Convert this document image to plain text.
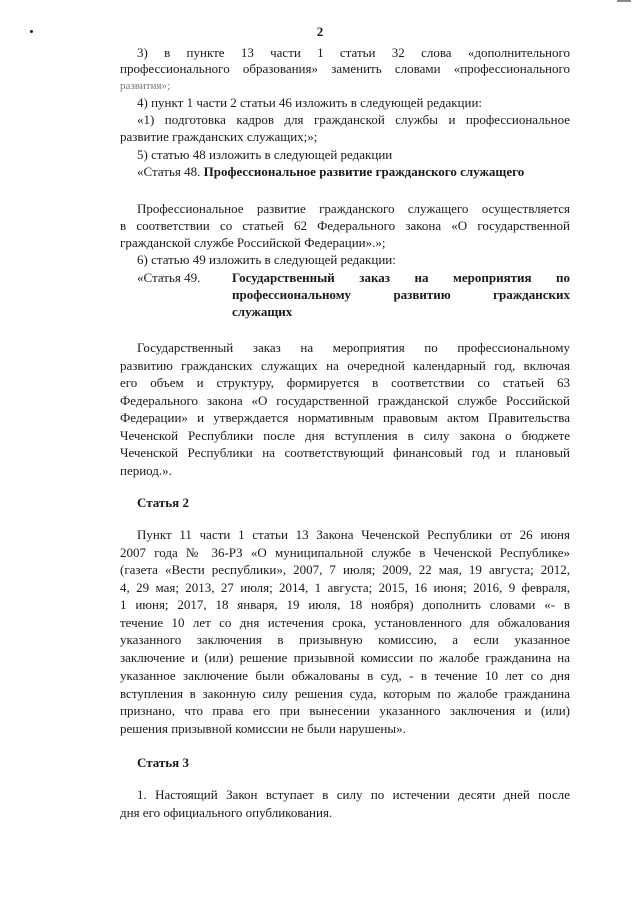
2
3) в пункте 13 части 1 статьи 32 слова «дополнительного
профессионального образования» заменить словами «профессионального
развития»;
4) пункт 1 части 2 статьи 46 изложить в следующей редакции:
«1) подготовка кадров для гражданской службы и профессиональное
развитие гражданских служащих;»;
5) статью 48 изложить в следующей редакции
«Статья 48. Профессиональное развитие гражданского служащего
Профессиональное развитие гражданского служащего осуществляется
в соответствии со статьей 62 Федерального закона «О государственной
гражданской службе Российской Федерации».»;
6) статью 49 изложить в следующей редакции:
«Статья 49.	Государственный заказ на мероприятия по
профессиональному развитию гражданских
служащих
Государственный заказ на мероприятия по профессиональному
развитию гражданских служащих на очередной календарный год, включая
его объем и структуру, формируется в соответствии со статьей 63
Федерального закона «О государственной гражданской службе Российской
Федерации» и утверждается нормативным правовым актом Правительства
Чеченской Республики после дня вступления в силу закона о бюджете
Чеченской Республики на соответствующий финансовый год и плановый
период.».
Статья 2
Пункт 11 части 1 статьи 13 Закона Чеченской Республики от 26 июня
2007 года № 36-РЗ «О муниципальной службе в Чеченской Республике»
(газета «Вести республики», 2007, 7 июля; 2009, 22 мая, 19 августа; 2012,
4, 29 мая; 2013, 27 июля; 2014, 1 августа; 2015, 16 июня; 2016, 9 февраля,
1 июня; 2017, 18 января, 19 июля, 18 ноября) дополнить словами «- в
течение 10 лет со дня истечения срока, установленного для обжалования
указанного заключения в призывную комиссию, а если указанное
заключение и (или) решение призывной комиссии по жалобе гражданина на
указанное заключение были обжалованы в суд, - в течение 10 лет со дня
вступления в законную силу решения суда, которым по жалобе гражданина
признано, что права его при вынесении указанного заключения и (или)
решения призывной комиссии не были нарушены».
Статья 3
1. Настоящий Закон вступает в силу по истечении десяти дней после
дня его официального опубликования.
